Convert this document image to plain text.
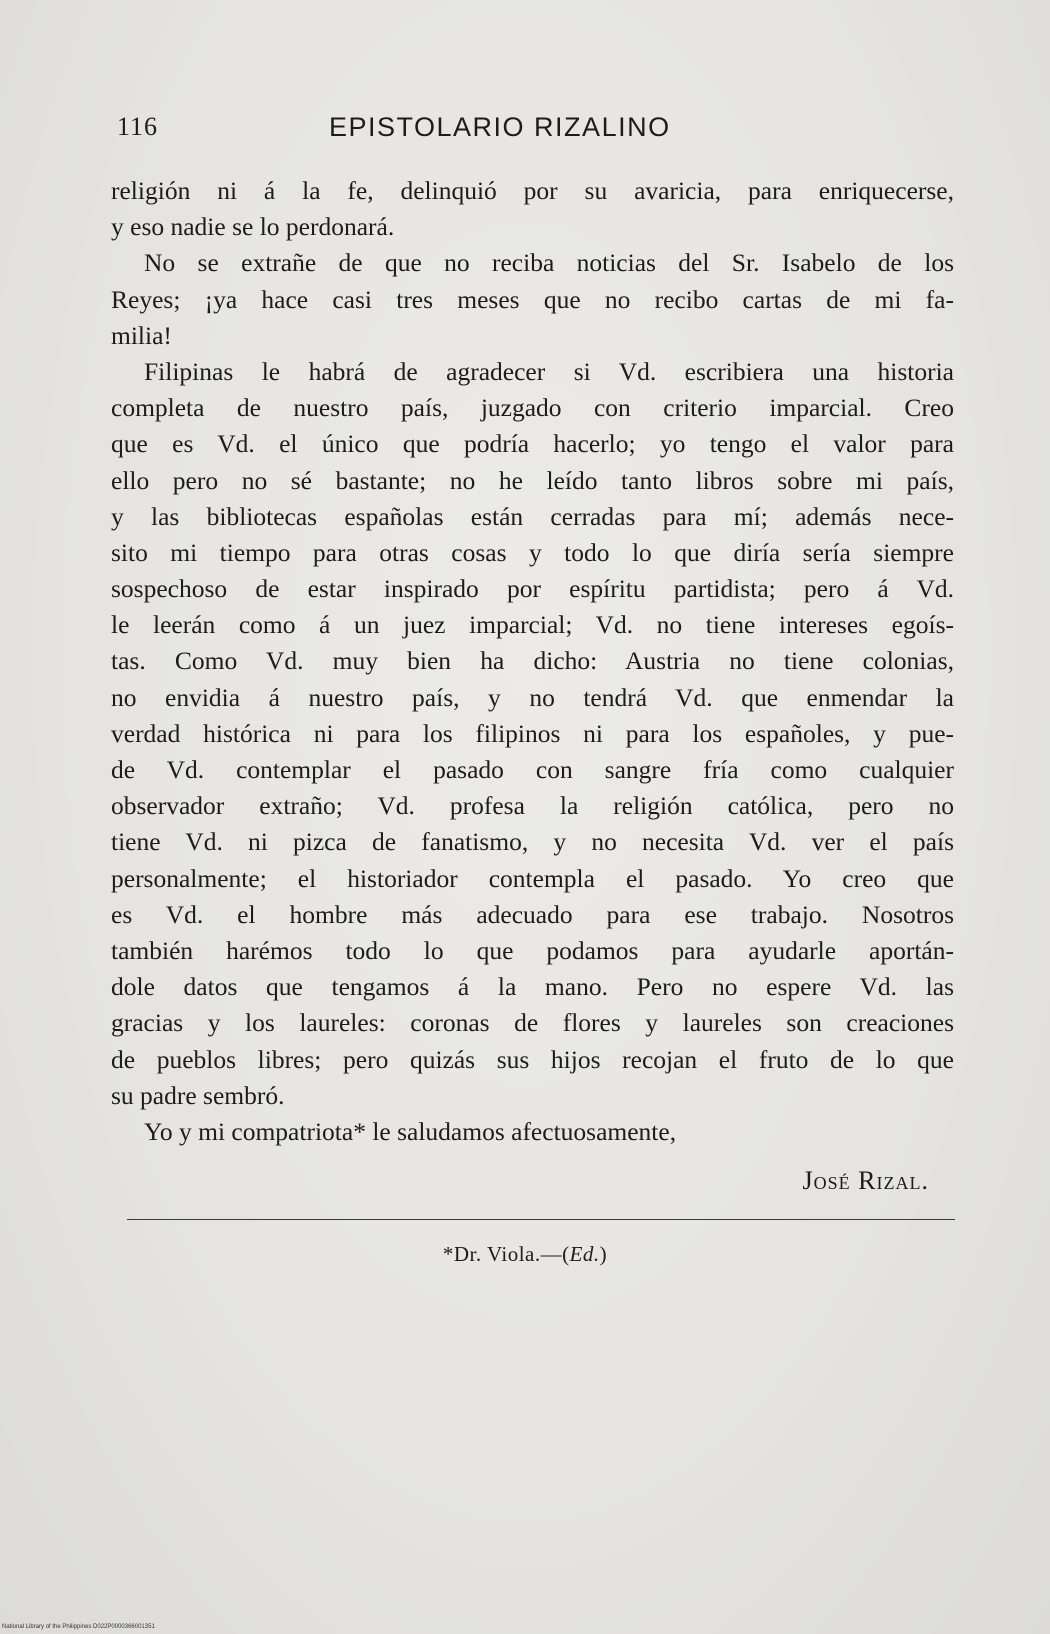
116	EPISTOLARIO RIZALINO
religión ni á la fe, delinquió por su avaricia, para enriquecerse,
y eso nadie se lo perdonará.
No se extrañe de que no reciba noticias del Sr. Isabelo de los
Reyes; ¡ya hace casi tres meses que no recibo cartas de mi fa-
milia!
Filipinas le habrá de agradecer si Vd. escribiera una historia
completa de nuestro país, juzgado con criterio imparcial. Creo
que es Vd. el único que podría hacerlo; yo tengo el valor para
ello pero no sé bastante; no he leído tanto libros sobre mi país,
y las bibliotecas españolas están cerradas para mí; además nece-
sito mi tiempo para otras cosas y todo lo que diría sería siempre
sospechoso de estar inspirado por espíritu partidista; pero á Vd.
le leerán como á un juez imparcial; Vd. no tiene intereses egoís-
tas. Como Vd. muy bien ha dicho: Austria no tiene colonias,
no envidia á nuestro país, y no tendrá Vd. que enmendar la
verdad histórica ni para los filipinos ni para los españoles, y pue-
de Vd. contemplar el pasado con sangre fría como cualquier
observador extraño; Vd. profesa la religión católica, pero no
tiene Vd. ni pizca de fanatismo, y no necesita Vd. ver el país
personalmente; el historiador contempla el pasado. Yo creo que
es Vd. el hombre más adecuado para ese trabajo. Nosotros
también harémos todo lo que podamos para ayudarle aportán-
dole datos que tengamos á la mano. Pero no espere Vd. las
gracias y los laureles: coronas de flores y laureles son creaciones
de pueblos libres; pero quizás sus hijos recojan el fruto de lo que
su padre sembró.
Yo y mi compatriota* le saludamos afectuosamente,
José Rizal.
*Dr. Viola.—(Ed.)
National Library of the Philippines D022P0000366001351
